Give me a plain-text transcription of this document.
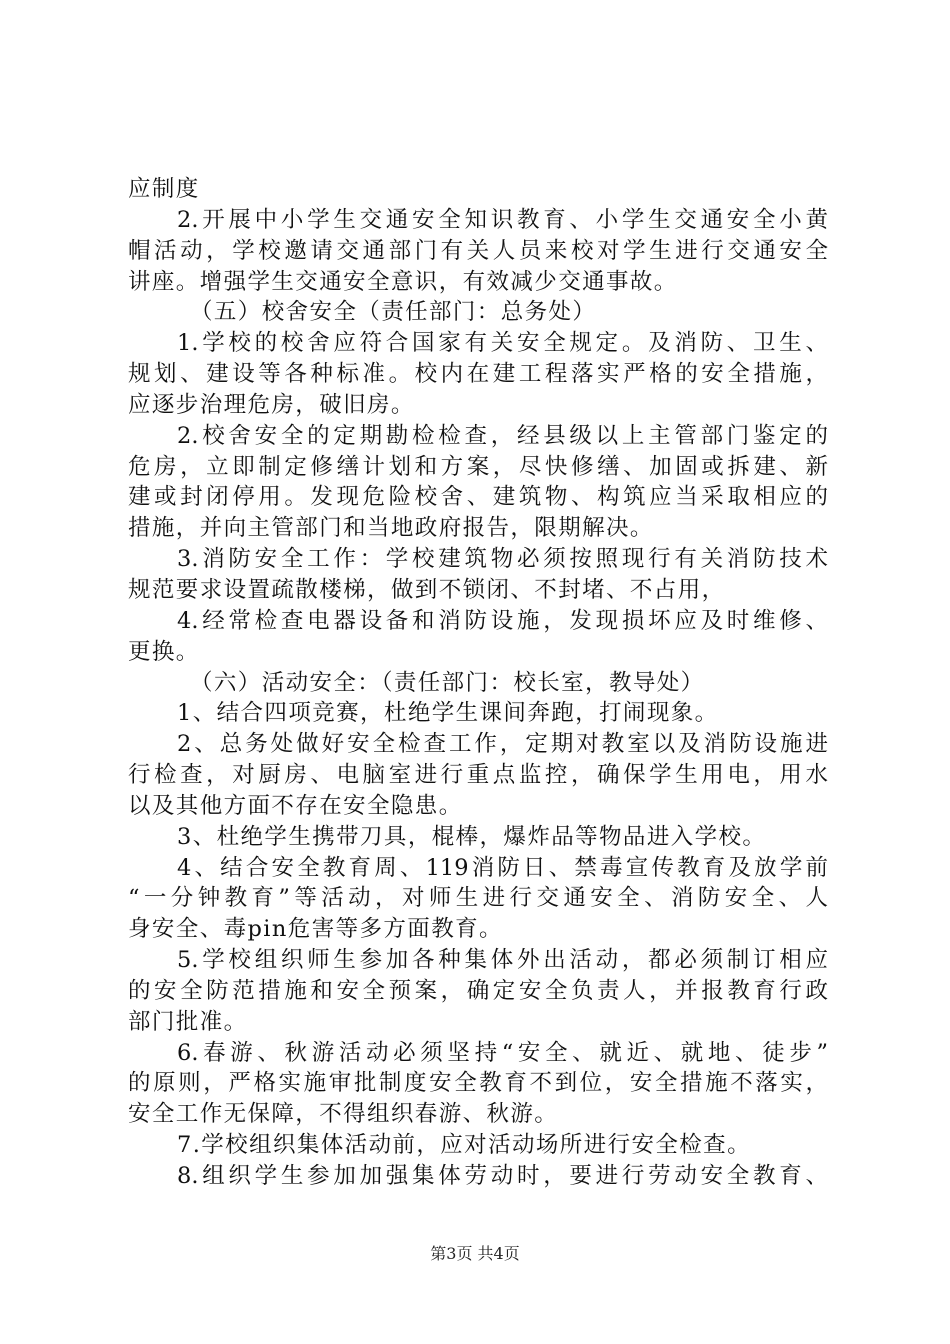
应制度
2.开展中小学生交通安全知识教育、小学生交通安全小黄
帽活动，学校邀请交通部门有关人员来校对学生进行交通安全
讲座。增强学生交通安全意识，有效减少交通事故。
（五）校舍安全（责任部门：总务处）
1.学校的校舍应符合国家有关安全规定。及消防、卫生、
规划、建设等各种标准。校内在建工程落实严格的安全措施，
应逐步治理危房，破旧房。
2.校舍安全的定期勘检检查，经县级以上主管部门鉴定的
危房，立即制定修缮计划和方案，尽快修缮、加固或拆建、新
建或封闭停用。发现危险校舍、建筑物、构筑应当采取相应的
措施，并向主管部门和当地政府报告，限期解决。
3.消防安全工作：学校建筑物必须按照现行有关消防技术
规范要求设置疏散楼梯，做到不锁闭、不封堵、不占用，
4.经常检查电器设备和消防设施，发现损坏应及时维修、
更换。
（六）活动安全：（责任部门：校长室，教导处）
1、结合四项竞赛，杜绝学生课间奔跑，打闹现象。
2、总务处做好安全检查工作，定期对教室以及消防设施进
行检查，对厨房、电脑室进行重点监控，确保学生用电，用水
以及其他方面不存在安全隐患。
3、杜绝学生携带刀具，棍棒，爆炸品等物品进入学校。
4、结合安全教育周、119消防日、禁毒宣传教育及放学前
“一分钟教育”等活动，对师生进行交通安全、消防安全、人
身安全、毒pin危害等多方面教育。
5.学校组织师生参加各种集体外出活动，都必须制订相应
的安全防范措施和安全预案，确定安全负责人，并报教育行政
部门批准。
6.春游、秋游活动必须坚持“安全、就近、就地、徒步”
的原则，严格实施审批制度安全教育不到位，安全措施不落实，
安全工作无保障，不得组织春游、秋游。
7.学校组织集体活动前，应对活动场所进行安全检查。
8.组织学生参加加强集体劳动时，要进行劳动安全教育、
第3页 共4页
